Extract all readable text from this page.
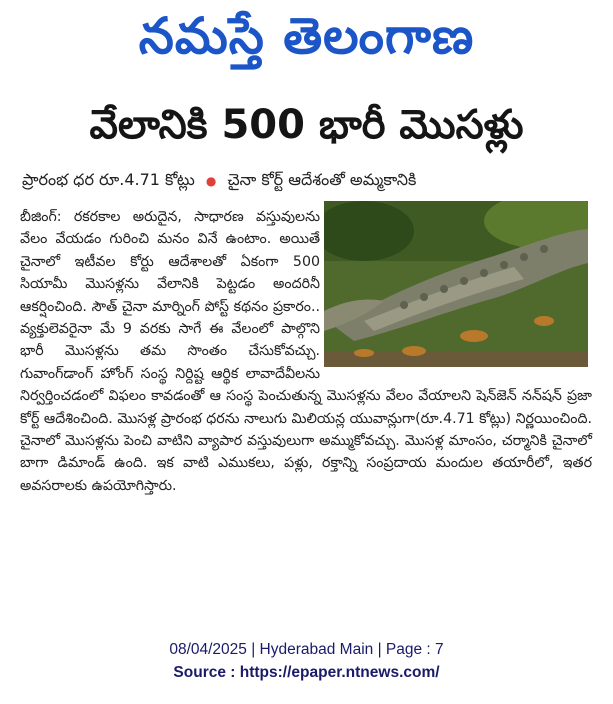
నమస్తే తెలంగాణ
వేలానికి 500 భారీ మొసళ్లు
ప్రారంభ ధర రూ.4.71 కోట్లు ● చైనా కోర్ట్ ఆదేశంతో అమ్మకానికి
బీజింగ్: రకరకాల అరుదైన, సాధారణ వస్తువులను వేలం వేయడం గురించి మనం వినే ఉంటాం. అయితే చైనాలో ఇటీవల కోర్టు ఆదేశాలతో ఏకంగా 500 సియామీ మొసళ్లను వేలానికి పెట్టడం అందరినీ ఆకర్షించింది. సౌత్ చైనా మార్నింగ్ పోస్ట్ కథనం ప్రకారం.. వ్యక్తులెవరైనా మే 9 వరకు సాగే ఈ వేలంలో పాల్గొని భారీ మొసళ్లను తమ సొంతం చేసుకోవచ్చు. గువాంగ్‌డాంగ్ హోంగ్ సంస్థ నిర్దిష్ట ఆర్థిక లావాదేవీలను నిర్వర్తించడంలో విఫలం కావడంతో ఆ సంస్థ పెంచుతున్న మొసళ్లను వేలం వేయాలని షెన్‌జెన్ నన్‌షన్ ప్రజా కోర్ట్ ఆదేశించింది. మొసళ్ల ప్రారంభ ధరను నాలుగు మిలియన్ల యువాన్లుగా(రూ.4.71 కోట్లు) నిర్ణయించింది. చైనాలో మొసళ్లను పెంచి వాటిని వ్యాపార వస్తువులుగా అమ్ముకోవచ్చు. మొసళ్ల మాంసం, చర్మానికి చైనాలో బాగా డిమాండ్ ఉంది. ఇక వాటి ఎముకలు, పళ్లు, రక్తాన్ని సంప్రదాయ మందుల తయారీలో, ఇతర అవసరాలకు ఉపయోగిస్తారు.
08/04/2025 | Hyderabad Main | Page : 7
Source : https://epaper.ntnews.com/
